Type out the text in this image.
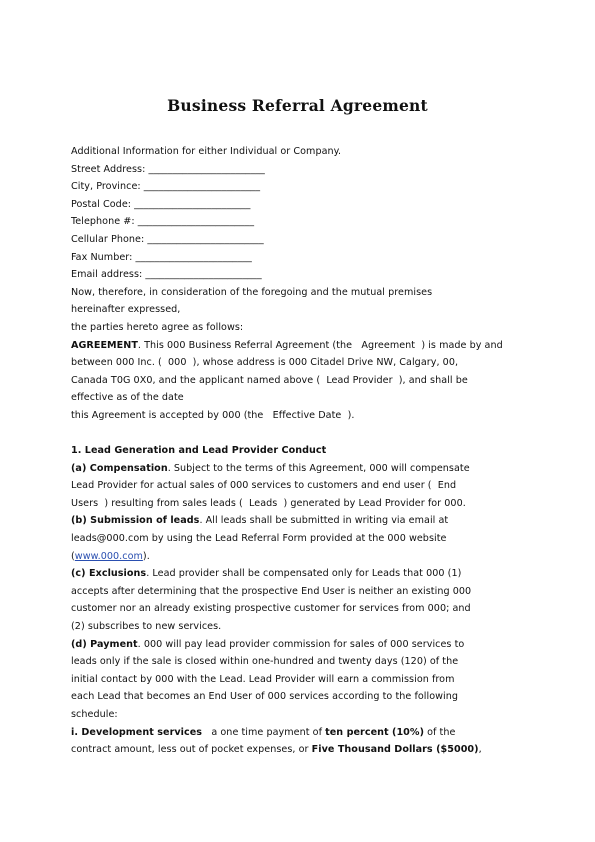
Business Referral Agreement
Additional Information for either Individual or Company.
Street Address: ________________________
City, Province: ________________________
Postal Code: ________________________
Telephone #: ________________________
Cellular Phone: ________________________
Fax Number: ________________________
Email address: ________________________
Now, therefore, in consideration of the foregoing and the mutual premises
hereinafter expressed,
the parties hereto agree as follows:
AGREEMENT. This 000 Business Referral Agreement (the   Agreement  ) is made by and
between 000 Inc. (  000  ), whose address is 000 Citadel Drive NW, Calgary, 00,
Canada T0G 0X0, and the applicant named above (  Lead Provider  ), and shall be
effective as of the date
this Agreement is accepted by 000 (the   Effective Date  ).
1. Lead Generation and Lead Provider Conduct
(a) Compensation. Subject to the terms of this Agreement, 000 will compensate
Lead Provider for actual sales of 000 services to customers and end user (  End
Users  ) resulting from sales leads (  Leads  ) generated by Lead Provider for 000.
(b) Submission of leads. All leads shall be submitted in writing via email at
leads@000.com by using the Lead Referral Form provided at the 000 website
(www.000.com).
(c) Exclusions. Lead provider shall be compensated only for Leads that 000 (1)
accepts after determining that the prospective End User is neither an existing 000
customer nor an already existing prospective customer for services from 000; and
(2) subscribes to new services.
(d) Payment. 000 will pay lead provider commission for sales of 000 services to
leads only if the sale is closed within one-hundred and twenty days (120) of the
initial contact by 000 with the Lead. Lead Provider will earn a commission from
each Lead that becomes an End User of 000 services according to the following
schedule:
i. Development services   a one time payment of ten percent (10%) of the
contract amount, less out of pocket expenses, or Five Thousand Dollars ($5000),
